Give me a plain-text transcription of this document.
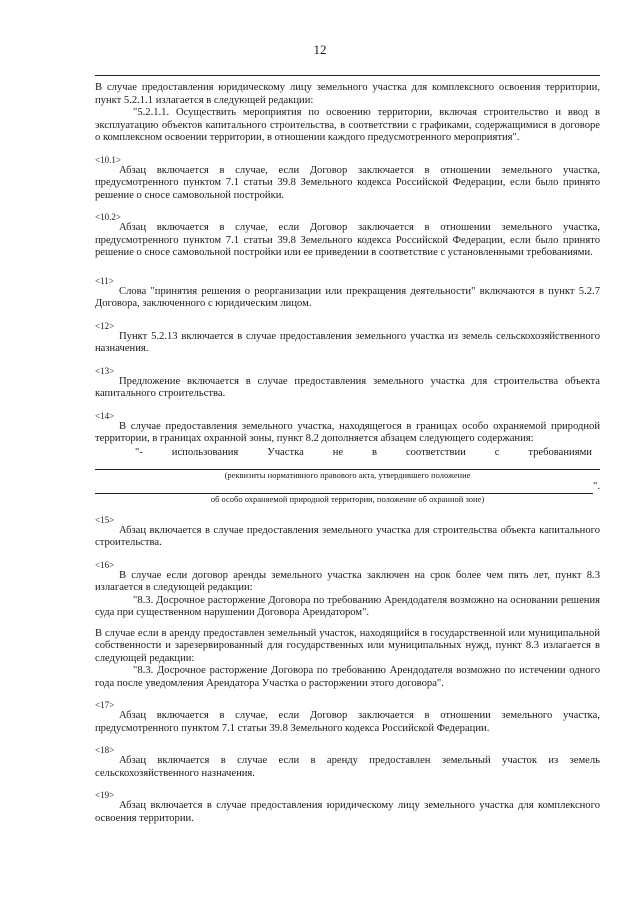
12

В случае предоставления юридическому лицу земельного участка для комплексного освоения территории, пункт 5.2.1.1 излагается в следующей редакции:

"5.2.1.1. Осуществить мероприятия по освоению территории, включая строительство и ввод в эксплуатацию объектов капитального строительства, в соответствии с графиками, содержащимися в договоре о комплексном освоении территории, в отношении каждого предусмотренного мероприятия".

<10.1>

Абзац включается в случае, если Договор заключается в отношении земельного участка, предусмотренного пунктом 7.1 статьи 39.8 Земельного кодекса Российской Федерации, если было принято решение о сносе самовольной постройки.

<10.2>

Абзац включается в случае, если Договор заключается в отношении земельного участка, предусмотренного пунктом 7.1 статьи 39.8 Земельного кодекса Российской Федерации, если было принято решение о сносе самовольной постройки или ее приведении в соответствие с установленными требованиями.

<11>

Слова "принятия решения о реорганизации или прекращения деятельности" включаются в пункт 5.2.7 Договора, заключенного с юридическим лицом.

<12>

Пункт 5.2.13 включается в случае предоставления земельного участка из земель сельскохозяйственного назначения.

<13>

Предложение включается в случае предоставления земельного участка для строительства объекта капитального строительства.

<14>

В случае предоставления земельного участка, находящегося в границах особо охраняемой природной территории, в границах охранной зоны, пункт 8.2 дополняется абзацем следующего содержания:

"-	использования	Участка	не	в	соответствии	с	требованиями
(реквизиты нормативного правового акта, утвердившего положение
".
об особо охраняемой природной территории, положение об охранной зоне)
<15>

Абзац включается в случае предоставления земельного участка для строительства объекта капитального строительства.

<16>

В случае если договор аренды земельного участка заключен на срок более чем пять лет, пункт 8.3 излагается в следующей редакции:

"8.3. Досрочное расторжение Договора по требованию Арендодателя возможно на основании решения суда при существенном нарушении Договора Арендатором".

В случае если в аренду предоставлен земельный участок, находящийся в государственной или муниципальной собственности и зарезервированный для государственных или муниципальных нужд, пункт 8.3 излагается в следующей редакции:

"8.3. Досрочное расторжение Договора по требованию Арендодателя возможно по истечении одного года после уведомления Арендатора Участка о расторжении этого договора".

<17>

Абзац включается в случае, если Договор заключается в отношении земельного участка, предусмотренного пунктом 7.1 статьи 39.8 Земельного кодекса Российской Федерации.

<18>

Абзац включается в случае если в аренду предоставлен земельный участок из земель сельскохозяйственного назначения.

<19>

Абзац включается в случае предоставления юридическому лицу земельного участка для комплексного освоения территории.
